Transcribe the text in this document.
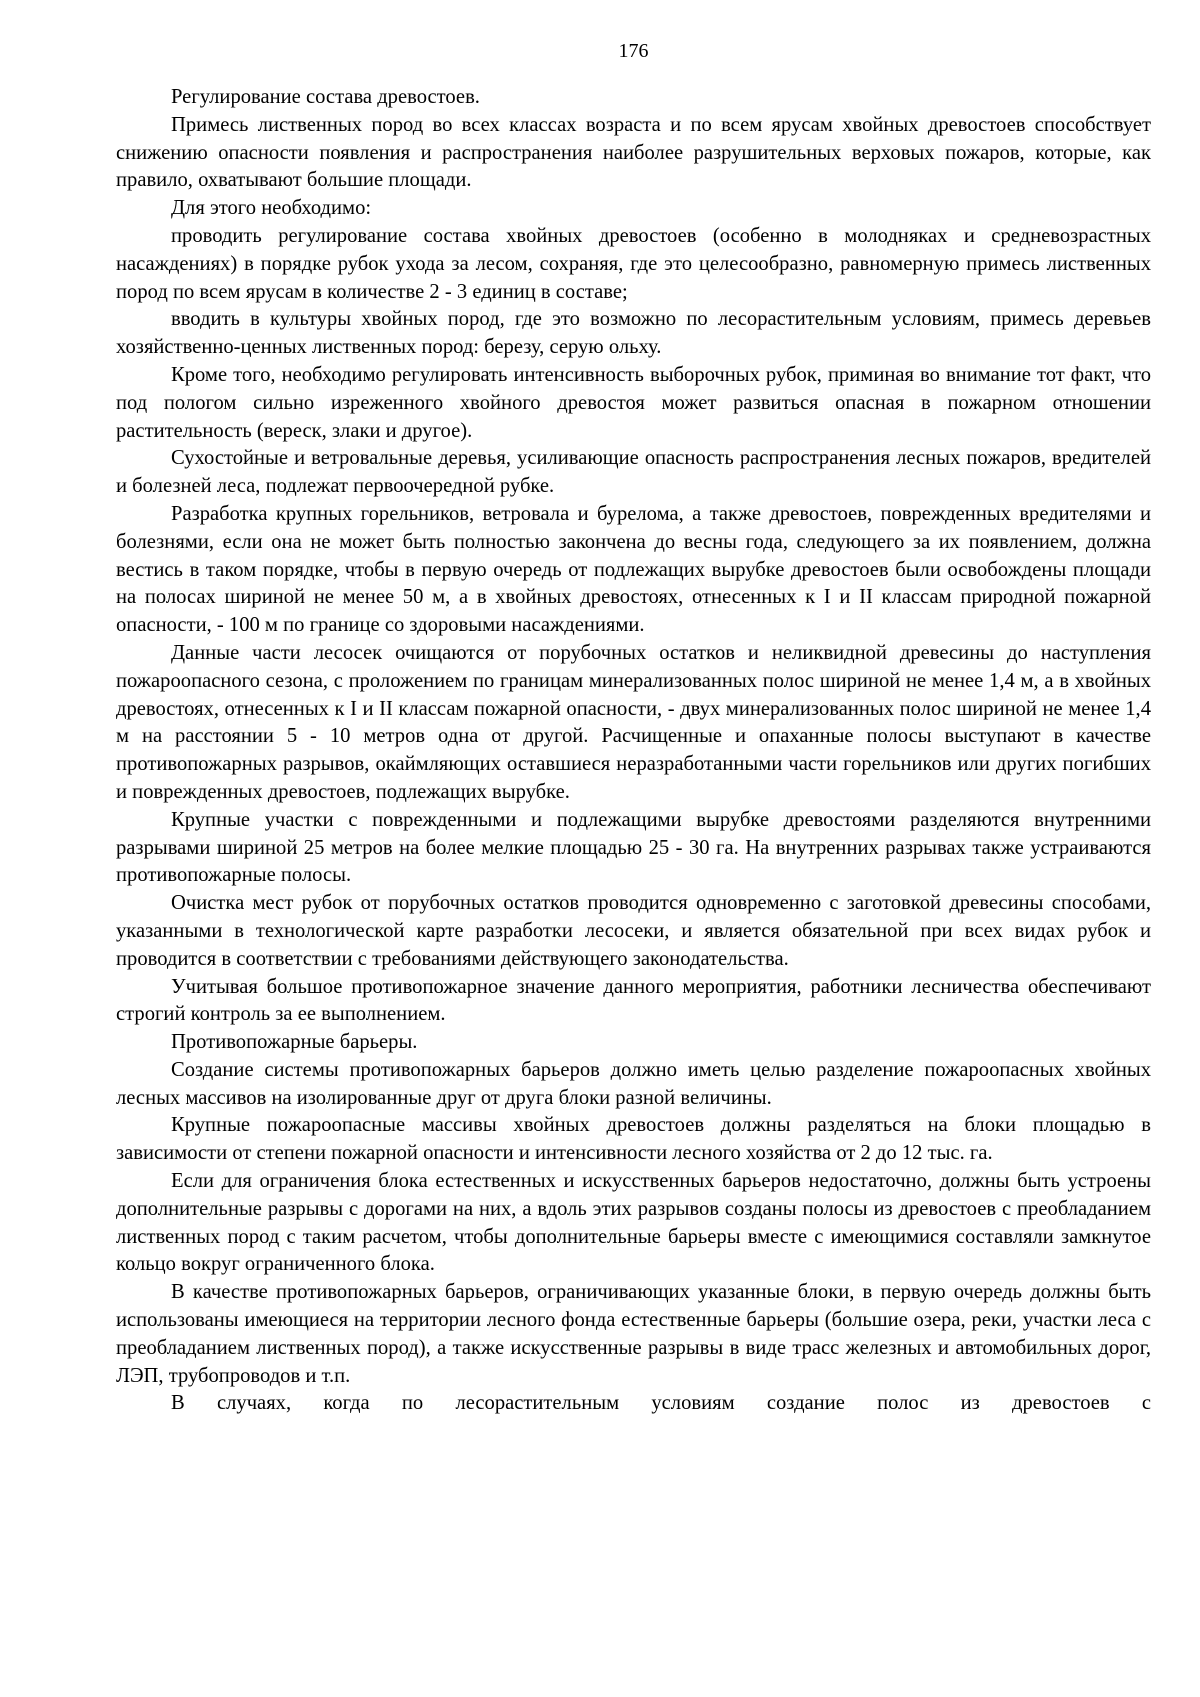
176

Регулирование состава древостоев.

Примесь лиственных пород во всех классах возраста и по всем ярусам хвойных древостоев способствует снижению опасности появления и распространения наиболее разрушительных верховых пожаров, которые, как правило, охватывают большие площади.

Для этого необходимо:

проводить регулирование состава хвойных древостоев (особенно в молодняках и средневозрастных насаждениях) в порядке рубок ухода за лесом, сохраняя, где это целесообразно, равномерную примесь лиственных пород по всем ярусам в количестве 2 - 3 единиц в составе;

вводить в культуры хвойных пород, где это возможно по лесорастительным условиям, примесь деревьев хозяйственно-ценных лиственных пород: березу, серую ольху.

Кроме того, необходимо регулировать интенсивность выборочных рубок, приминая во внимание тот факт, что под пологом сильно изреженного хвойного древостоя может развиться опасная в пожарном отношении растительность (вереск, злаки и другое).

Сухостойные и ветровальные деревья, усиливающие опасность распространения лесных пожаров, вредителей и болезней леса, подлежат первоочередной рубке.

Разработка крупных горельников, ветровала и бурелома, а также древостоев, поврежденных вредителями и болезнями, если она не может быть полностью закончена до весны года, следующего за их появлением, должна вестись в таком порядке, чтобы в первую очередь от подлежащих вырубке древостоев были освобождены площади на полосах шириной не менее 50 м, а в хвойных древостоях, отнесенных к I и II классам природной пожарной опасности, - 100 м по границе со здоровыми насаждениями.

Данные части лесосек очищаются от порубочных остатков и неликвидной древесины до наступления пожароопасного сезона, с проложением по границам минерализованных полос шириной не менее 1,4 м, а в хвойных древостоях, отнесенных к I и II классам пожарной опасности, - двух минерализованных полос шириной не менее 1,4 м на расстоянии 5 - 10 метров одна от другой. Расчищенные и опаханные полосы выступают в качестве противопожарных разрывов, окаймляющих оставшиеся неразработанными части горельников или других погибших и поврежденных древостоев, подлежащих вырубке.

Крупные участки с поврежденными и подлежащими вырубке древостоями разделяются внутренними разрывами шириной 25 метров на более мелкие площадью 25 - 30 га. На внутренних разрывах также устраиваются противопожарные полосы.

Очистка мест рубок от порубочных остатков проводится одновременно с заготовкой древесины способами, указанными в технологической карте разработки лесосеки, и является обязательной при всех видах рубок и проводится в соответствии с требованиями действующего законодательства.

Учитывая большое противопожарное значение данного мероприятия, работники лесничества обеспечивают строгий контроль за ее выполнением.

Противопожарные барьеры.

Создание системы противопожарных барьеров должно иметь целью разделение пожароопасных хвойных лесных массивов на изолированные друг от друга блоки разной величины.

Крупные пожароопасные массивы хвойных древостоев должны разделяться на блоки площадью в зависимости от степени пожарной опасности и интенсивности лесного хозяйства от 2 до 12 тыс. га.

Если для ограничения блока естественных и искусственных барьеров недостаточно, должны быть устроены дополнительные разрывы с дорогами на них, а вдоль этих разрывов созданы полосы из древостоев с преобладанием лиственных пород с таким расчетом, чтобы дополнительные барьеры вместе с имеющимися составляли замкнутое кольцо вокруг ограниченного блока.

В качестве противопожарных барьеров, ограничивающих указанные блоки, в первую очередь должны быть использованы имеющиеся на территории лесного фонда естественные барьеры (большие озера, реки, участки леса с преобладанием лиственных пород), а также искусственные разрывы в виде трасс железных и автомобильных дорог, ЛЭП, трубопроводов и т.п.

В случаях, когда по лесорастительным условиям создание полос из древостоев с
